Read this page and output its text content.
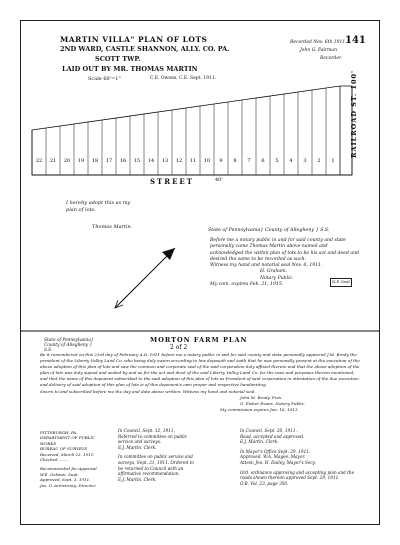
141
MARTIN VILLA" PLAN OF LOTS
2ND WARD, CASTLE SHANNON, ALLY. CO. PA.
SCOTT TWP.
LAID OUT BY MR. THOMAS MARTIN
Scale 60'=1"	C.E. Owens, C.E. Sept. 1911.
Recorded Nov. 6th 1911.
John G. Fairman
Recorder.
22 21 20 19 18 17 16 15 14 13 12 11 10 9 8 7 6 5 4 3 2 1
STREET	40'
RAILROAD ST. 100'
I hereby adopt this as my plan of lots.
Thomas Martin.
State of Pennsylvania} County of Allegheny } S.S.
Before me a notary public in and for said county and state personally came Thomas Martin above named and acknowledged the within plan of lots to be his act and deed and desired the same to be recorded as such.
Witness my hand and notarial seal Nov. 6, 1911.
H. Graham.
Notary Public.
My com. expires Feb. 21, 1915.
N.P. Seal
MORTON FARM PLAN
2 of 2
State of Pennsylvania} County of Allegheny } S.S.
Be it remembered on this 23rd day of February A.D. 1911 before me a notary public in and for said county and state personally appeared J.M. Brody the president of the Liberty Valley Land Co. who being duly sworn according to law deposeth and saith that he was personally present at the execution of the above adoption of this plan of lots and saw the common and corporate seal of the said corporation duly affixed thereto and that the above adoption of the plan of lots was duly signed and sealed by and as for the act and deed of the said Liberty Valley Land Co. for the uses and purposes therein mentioned, and that the name of this deponent subscribed to the said adoption of this plan of lots as President of said corporation in attestation of the due execution and delivery of said adoption of this plan of lots is of this deponent's own proper and respective handwriting.
Sworn to and subscribed before me the day and date above written. Witness my hand and notarial seal.
John M. Brody. Pres.
G. Fisher Evans. Notary Public.
My commission expires Jan. 16, 1913.
PITTSBURGH, PA.
DEPARTMENT OF PUBLIC WORKS
BUREAU OF SURVEYS
Received, March 23, 1911.
Checked ........
Recommended for Approval.
W.E. Gelston. Supt.
Approved, Sept. 3, 1911.
Jas. G. Armstrong, Director.
In Council, Sept. 12, 1911.
Referred to committee on public service and surveys.
E.J. Martin. Clerk.
In committee on public service and surveys, Sept. 21, 1911. Ordered to be returned to Council with an affirmative recommendation.
E.J. Martin. Clerk.
In Council, Sept. 26, 1911.
Read, accepted and approved.
E.J. Martin. Clerk.
In Mayor's Office Sept. 29, 1911.
Approved. W.A. Magee, Mayor.
Attest: Jno. H. Dailey, Mayor's Secy.
Ord. ordinance approving and accepting plan and the roads shown thereon approved Sept. 29, 1911.
O.B. Vol. 23, page 350.
